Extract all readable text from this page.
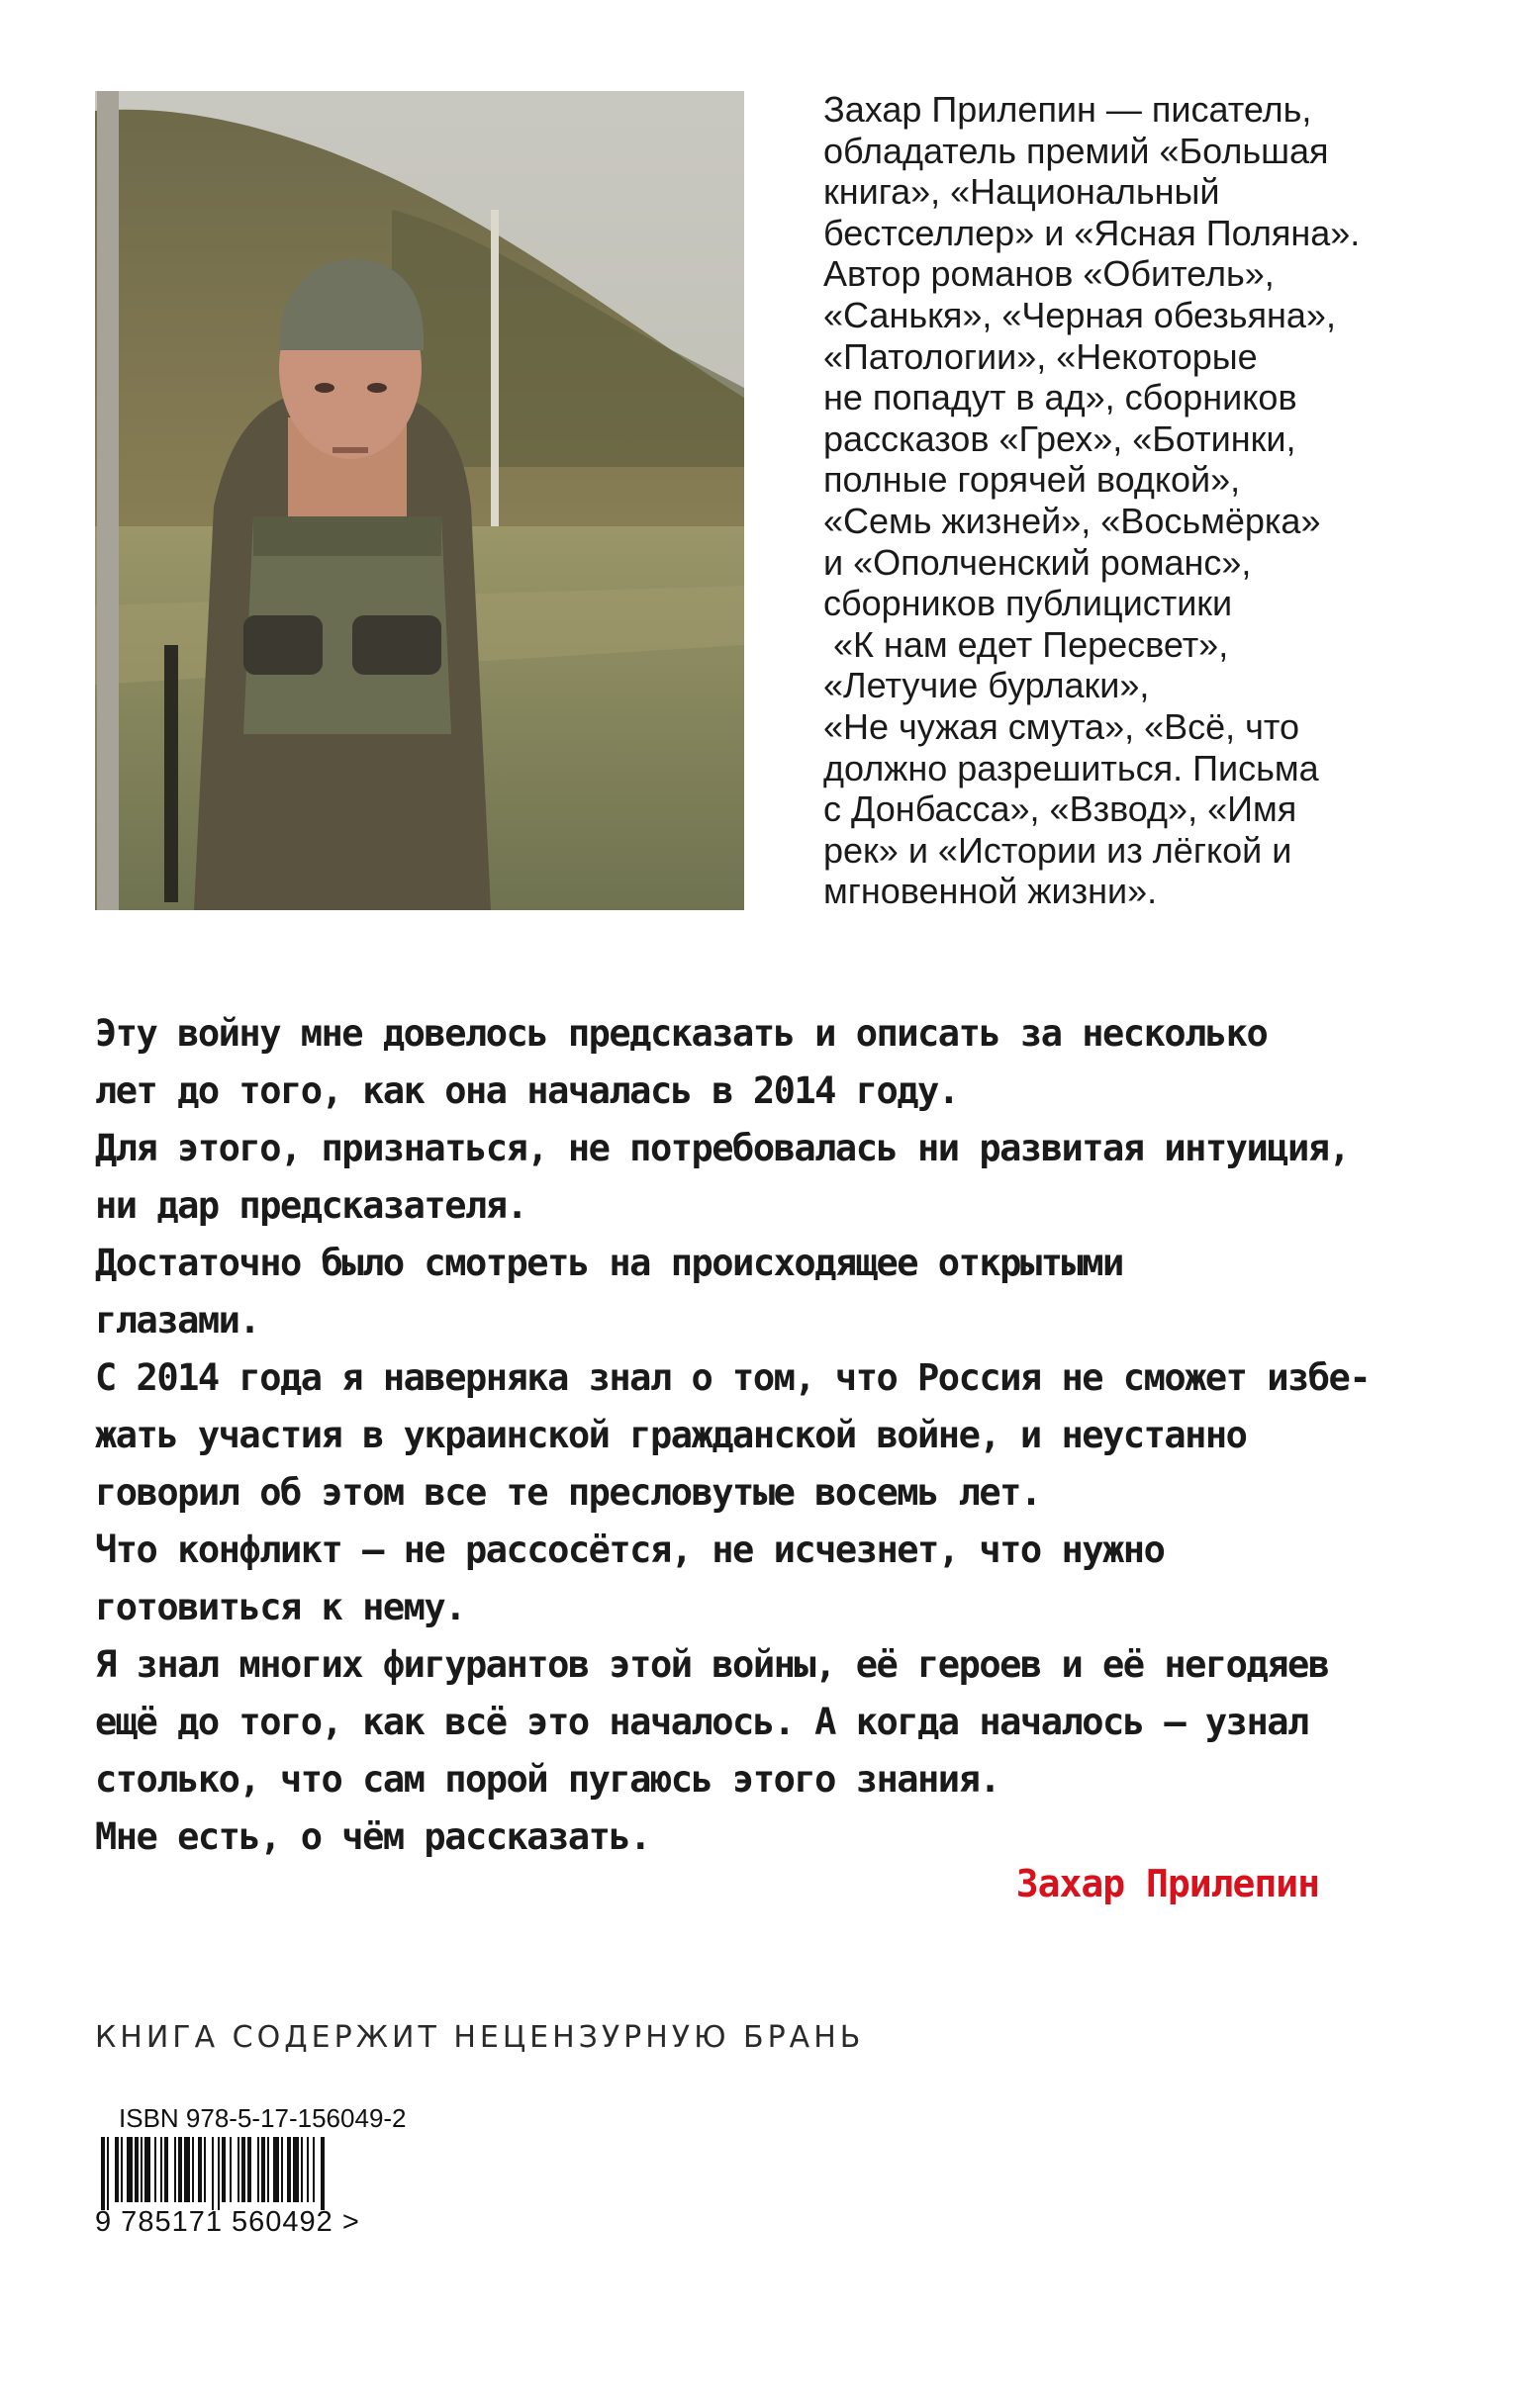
Захар Прилепин — писатель,
обладатель премий «Большая
книга», «Национальный
бестселлер» и «Ясная Поляна».
Автор романов «Обитель»,
«Санькя», «Черная обезьяна»,
«Патологии», «Некоторые
не попадут в ад», сборников
рассказов «Грех», «Ботинки,
полные горячей водкой»,
«Семь жизней», «Восьмёрка»
и «Ополченский романс»,
сборников публицистики
«К нам едет Пересвет»,
«Летучие бурлаки»,
«Не чужая смута», «Всё, что
должно разрешиться. Письма
с Донбасса», «Взвод», «Имя
рек» и «Истории из лёгкой и
мгновенной жизни».
Эту войну мне довелось предсказать и описать за несколько
лет до того, как она началась в 2014 году.
Для этого, признаться, не потребовалась ни развитая интуиция,
ни дар предсказателя.
Достаточно было смотреть на происходящее открытыми
глазами.
С 2014 года я наверняка знал о том, что Россия не сможет избе-
жать участия в украинской гражданской войне, и неустанно
говорил об этом все те пресловутые восемь лет.
Что конфликт — не рассосётся, не исчезнет, что нужно
готовиться к нему.
Я знал многих фигурантов этой войны, её героев и её негодяев
ещё до того, как всё это началось. А когда началось — узнал
столько, что сам порой пугаюсь этого знания.
Мне есть, о чём рассказать.
Захар Прилепин
КНИГА СОДЕРЖИТ НЕЦЕНЗУРНУЮ БРАНЬ
ISBN 978-5-17-156049-2
9 785171 560492 >
